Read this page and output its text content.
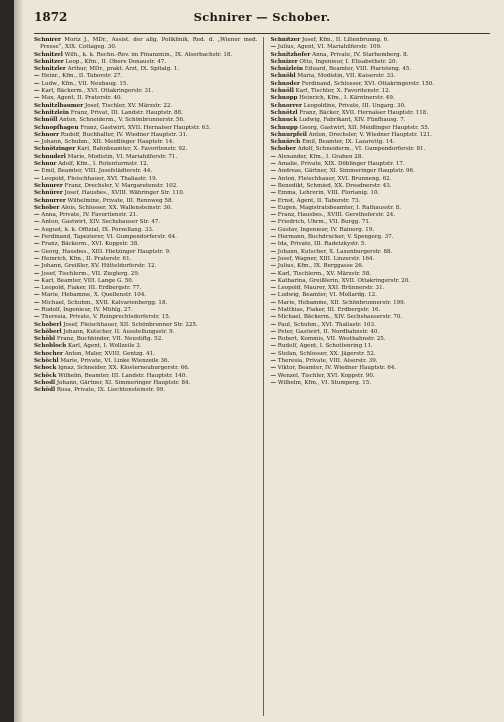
1872	Schnirer — Schober.

Schnirer Moriz J., MDr., Assist. der allg. Poliklinik, Red. d. „Wiener med. Presse“, XIX. Cottageg. 30.

Schnitzel Wilh., k. k. Rechn.-Rev. im Finanzmin., IX. Alserbachstr. 18.

Schnitzer Leop., Kfm., II. Obere Donaustr. 47.

Schnitzler Arthur, MDr., prakt. Arzt, IX. Spitalg. 1.

— Heinr., Kfm., II. Taborstr. 27.

— Ludw., Kfm., VII. Neubaug. 15.

— Karl, Bäckerm., XVI. Ottakringerstr. 31.

— Max, Agent, II. Praterstr. 40.

Schnitzlbaumer Josef, Tischler, XV. Märzstr. 22.

Schnitzlein Franz, Privat, III. Landstr. Hauptstr. 88.

Schnöll Anton, Schneiderm., V. Schönbrunnerstr. 56.

Schnopfhagen Franz, Gastwirt, XVII. Hernalser Hauptstr. 63.

Schnorr Rudolf, Buchhalter, IV. Wiedner Hauptstr. 31.

— Johann, Schuhm., XII. Meidlinger Hauptstr. 14.

Schnötzinger Karl, Bahnbeamter, X. Favoritenstr. 92.

Schnuderl Marie, Modistin, VI. Mariahilferstr. 71.

Schnur Adolf, Kfm., I. Rotenturmstr. 12.

— Emil, Beamter, VIII. Josefstädterstr. 44.

— Leopold, Fleischhauer, XVI. Thaliastr. 19.

Schnurer Franz, Drechsler, V. Margaretenstr. 102.

Schnürer Josef, Hausbes., XVIII. Währinger Str. 110.

Schnurrer Wilhelmine, Private, III. Rennweg 58.

Schober Alois, Schlosser, XX. Wallensteinstr. 30.

— Anna, Private, IV. Favoritenstr. 21.

— Anton, Gastwirt, XIV. Sechshauser Str. 47.

— August, k. k. Offizial, IX. Porzellang. 33.

— Ferdinand, Tapezierer, VI. Gumpendorferstr. 64.

— Franz, Bäckerm., XVI. Koppstr. 38.

— Georg, Hausbes., XIII. Hietzinger Hauptstr. 9.

— Heinrich, Kfm., II. Praterstr. 61.

— Johann, Greißler, XV. Hütteldorferstr. 12.

— Josef, Tischlerm., VII. Zieglerg. 29.

— Karl, Beamter, VIII. Lange G. 50.

— Leopold, Fiaker, III. Erdbergstr. 77.

— Marie, Hebamme, X. Quellenstr. 104.

— Michael, Schuhm., XVII. Kalvarienbergg. 18.

— Rudolf, Ingenieur, IV. Mühlg. 27.

— Theresia, Private, V. Reinprechtsdorferstr. 15.

Schoberl Josef, Fleischhauer, XII. Schönbrunner Str. 225.

Schöberl Johann, Kutscher, II. Ausstellungsstr. 9.

Schöbl Franz, Buchbinder, VII. Neustiftg. 52.

Schobloch Karl, Agent, I. Wollzeile 3.

Schocher Anton, Maler, XVIII. Gentzg. 41.

Schöchl Marie, Private, VI. Linke Wienzeile 36.

Schock Ignaz, Schneider, XX. Klosterneuburgerstr. 66.

Schöck Wilhelm, Beamter, III. Landstr. Hauptstr. 140.

Schodl Johann, Gärtner, XI. Simmeringer Hauptstr. 84.

Schödl Rosa, Private, IX. Liechtensteinstr. 99.

Schnitzer Josef, Kfm., II. Lilienbrunng. 6.

— Julius, Agent, VI. Mariahilferstr. 109.

Schnitzhofer Anna, Private, IV. Starhemberg. 8.

Schnizer Otto, Ingenieur, I. Elisabethstr. 20.

Schnizlein Eduard, Beamter, VIII. Piaristeng. 45.

Schnöbl Maria, Modistin, VII. Kaiserstr. 33.

Schnoder Ferdinand, Schlosser, XVI. Ottakringerstr. 150.

Schnöll Karl, Tischler, X. Favoritenstr. 12.

Schnopp Heinrich, Kfm., I. Kärntnerstr. 49.

Schnorrer Leopoldine, Private, III. Ungarg. 30.

Schnötzl Franz, Bäcker, XVII. Hernalser Hauptstr. 118.

Schnuck Ludwig, Fabrikant, XIV. Fünfhausg. 7.

Schnupp Georg, Gastwirt, XII. Meidlinger Hauptstr. 55.

Schnurpfeil Anton, Drechsler, V. Wiedner Hauptstr. 121.

Schnürch Emil, Beamter, IX. Lazarettg. 14.

Schober Adolf, Schneiderm., VI. Gumpendorferstr. 81.

— Alexander, Kfm., I. Graben 28.

— Amalie, Private, XIX. Döblinger Hauptstr. 17.

— Andreas, Gärtner, XI. Simmeringer Hauptstr. 96.

— Anton, Fleischhauer, XVI. Brunneng. 62.

— Benedikt, Schmied, XX. Dresdnerstr. 43.

— Emma, Lehrerin, VIII. Florianig. 10.

— Ernst, Agent, II. Taborstr. 73.

— Eugen, Magistratsbeamter, I. Rathausstr. 8.

— Franz, Hausbes., XVIII. Gersthoferstr. 24.

— Friedrich, Uhrm., VII. Burgg. 71.

— Gustav, Ingenieur, IV. Rainerg. 19.

— Hermann, Buchdrucker, V. Spengerg. 37.

— Ida, Private, III. Radetzkystr. 5.

— Johann, Kutscher, X. Laxenburgerstr. 88.

— Josef, Wagner, XIII. Linzerstr. 164.

— Julius, Kfm., IX. Berggasse 26.

— Karl, Tischlerm., XV. Märzstr. 58.

— Katharina, Greißlerin, XVII. Ottakringerstr. 20.

— Leopold, Maurer, XXI. Brünnerstr. 31.

— Ludwig, Beamter, VI. Mollardg. 12.

— Marie, Hebamme, XII. Schönbrunnerstr. 199.

— Matthias, Fiaker, III. Erdbergstr. 16.

— Michael, Bäckerm., XIV. Sechshauserstr. 70.

— Paul, Schuhm., XVI. Thaliastr. 103.

— Peter, Gastwirt, II. Nordbahnstr. 40.

— Robert, Kommis, VII. Westbahnstr. 25.

— Rudolf, Agent, I. Schottenring 11.

— Stefan, Schlosser, XX. Jägerstr. 52.

— Theresia, Private, VIII. Alserstr. 39.

— Viktor, Beamter, IV. Wiedner Hauptstr. 64.

— Wenzel, Tischler, XVI. Koppstr. 90.

— Wilhelm, Kfm., VI. Stumperg. 15.
